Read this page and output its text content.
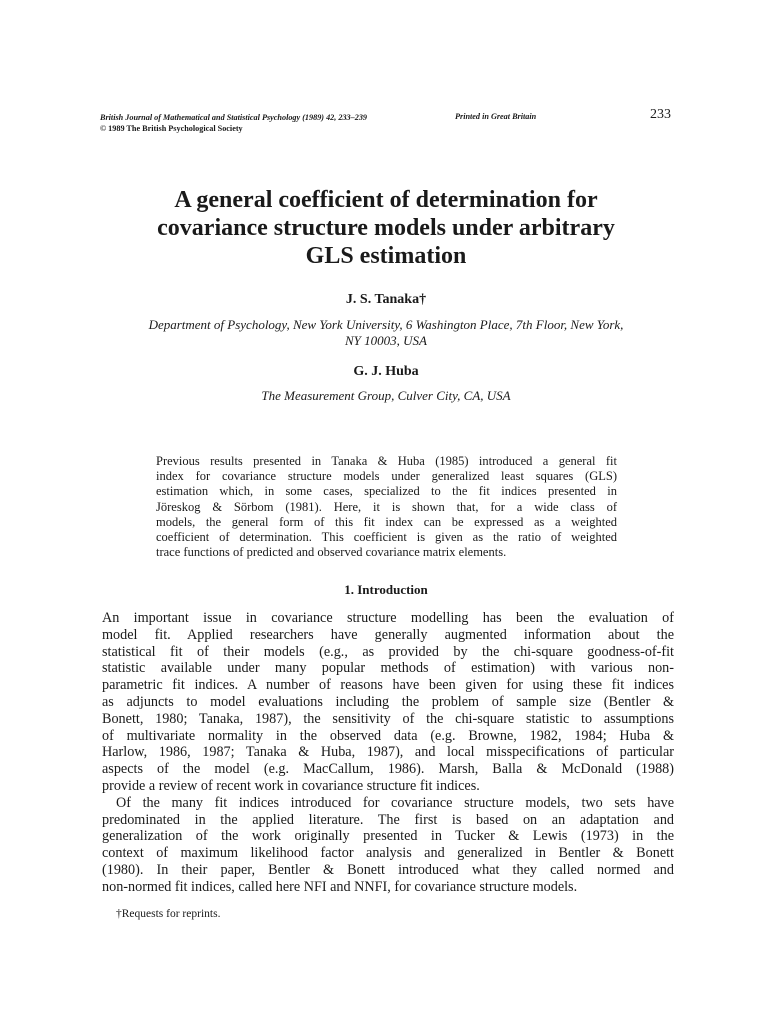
British Journal of Mathematical and Statistical Psychology (1989) 42, 233–239
© 1989 The British Psychological Society
Printed in Great Britain	233
A general coefficient of determination for
covariance structure models under arbitrary
GLS estimation
J. S. Tanaka†
Department of Psychology, New York University, 6 Washington Place, 7th Floor, New York,
NY 10003, USA
G. J. Huba
The Measurement Group, Culver City, CA, USA
Previous results presented in Tanaka & Huba (1985) introduced a general fit
index for covariance structure models under generalized least squares (GLS)
estimation which, in some cases, specialized to the fit indices presented in
Jöreskog & Sörbom (1981). Here, it is shown that, for a wide class of
models, the general form of this fit index can be expressed as a weighted
coefficient of determination. This coefficient is given as the ratio of weighted
trace functions of predicted and observed covariance matrix elements.
1. Introduction
An important issue in covariance structure modelling has been the evaluation of
model fit. Applied researchers have generally augmented information about the
statistical fit of their models (e.g., as provided by the chi-square goodness-of-fit
statistic available under many popular methods of estimation) with various non-
parametric fit indices. A number of reasons have been given for using these fit indices
as adjuncts to model evaluations including the problem of sample size (Bentler &
Bonett, 1980; Tanaka, 1987), the sensitivity of the chi-square statistic to assumptions
of multivariate normality in the observed data (e.g. Browne, 1982, 1984; Huba &
Harlow, 1986, 1987; Tanaka & Huba, 1987), and local misspecifications of particular
aspects of the model (e.g. MacCallum, 1986). Marsh, Balla & McDonald (1988)
provide a review of recent work in covariance structure fit indices.
Of the many fit indices introduced for covariance structure models, two sets have
predominated in the applied literature. The first is based on an adaptation and
generalization of the work originally presented in Tucker & Lewis (1973) in the
context of maximum likelihood factor analysis and generalized in Bentler & Bonett
(1980). In their paper, Bentler & Bonett introduced what they called normed and
non-normed fit indices, called here NFI and NNFI, for covariance structure models.
†Requests for reprints.
